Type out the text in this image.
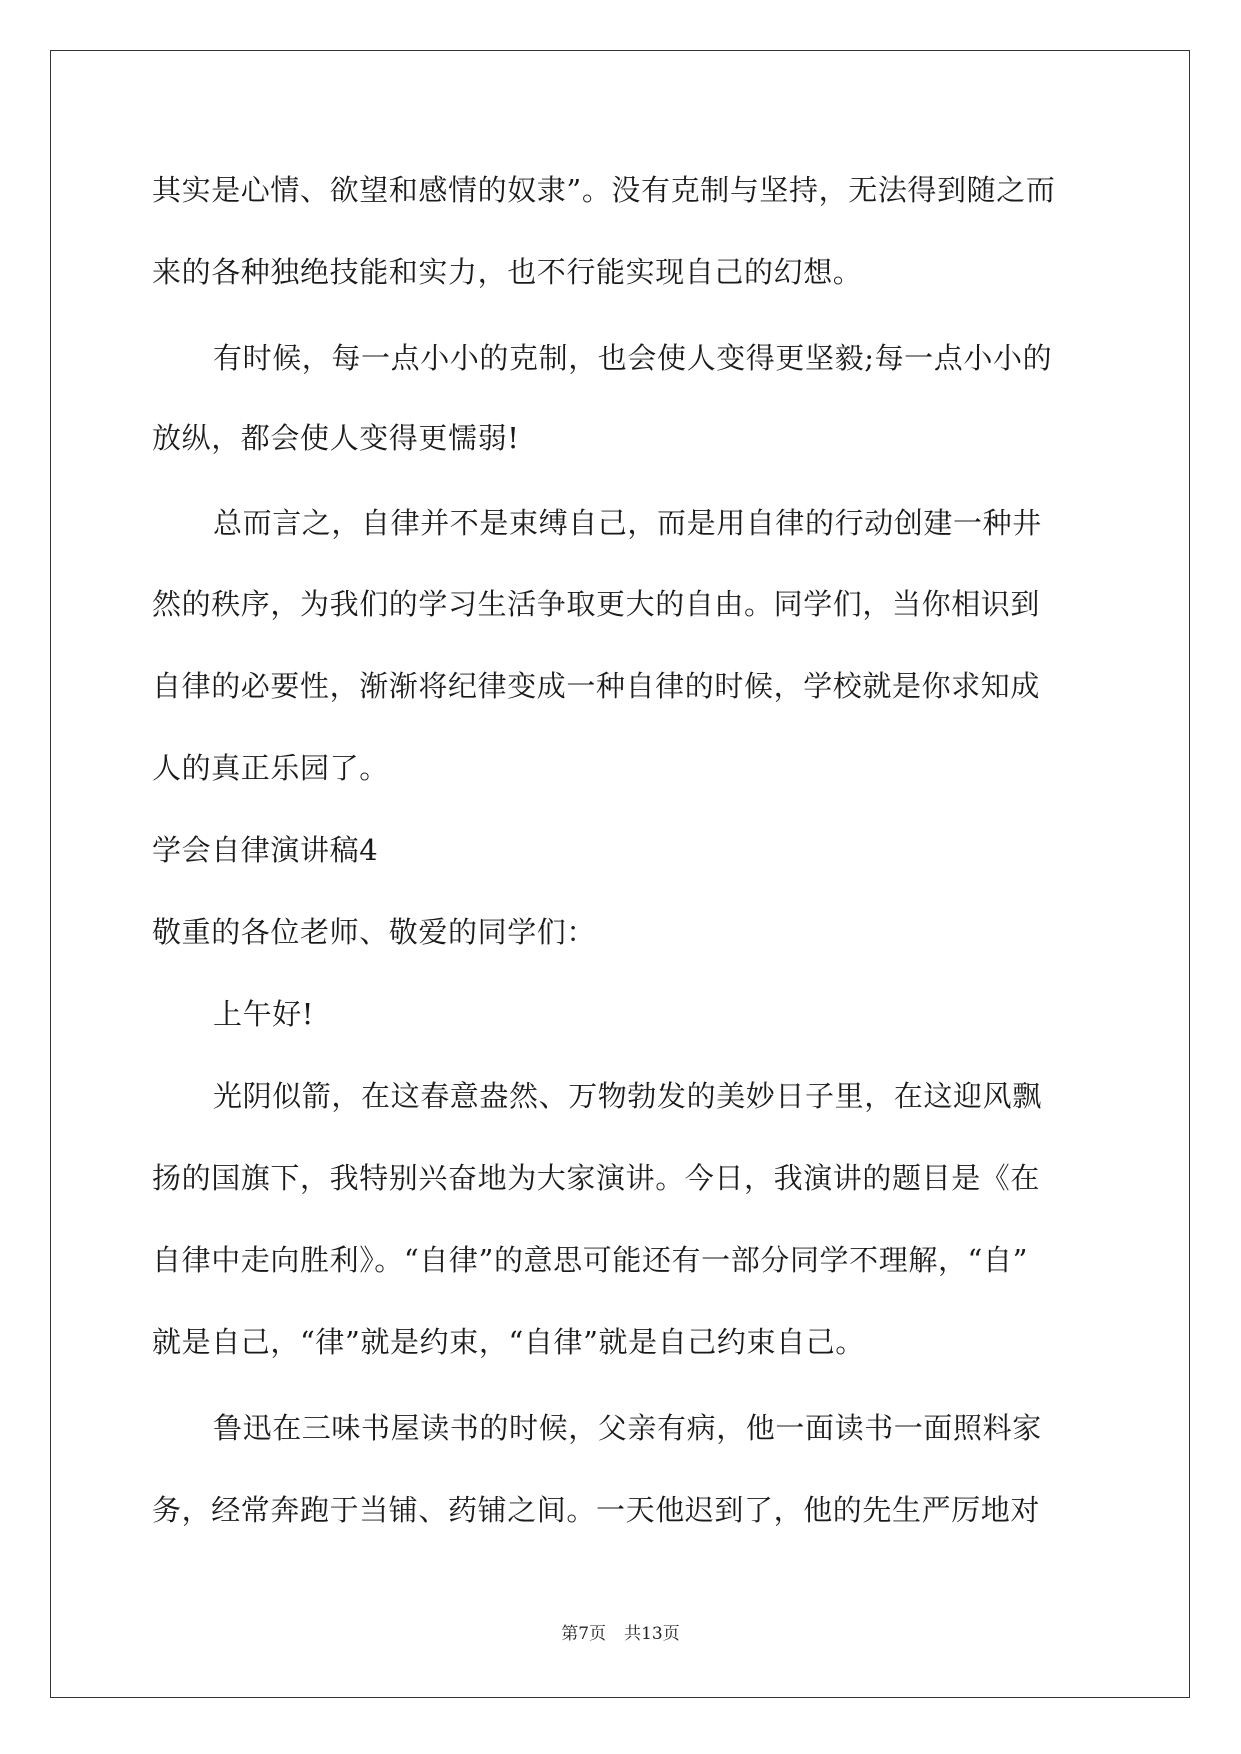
其实是心情、欲望和感情的奴隶”。没有克制与坚持，无法得到随之而
来的各种独绝技能和实力，也不行能实现自己的幻想。
有时候，每一点小小的克制，也会使人变得更坚毅;每一点小小的
放纵，都会使人变得更懦弱!
总而言之，自律并不是束缚自己，而是用自律的行动创建一种井
然的秩序，为我们的学习生活争取更大的自由。同学们，当你相识到
自律的必要性，渐渐将纪律变成一种自律的时候，学校就是你求知成
人的真正乐园了。
学会自律演讲稿4
敬重的各位老师、敬爱的同学们：
上午好!
光阴似箭，在这春意盎然、万物勃发的美妙日子里，在这迎风飘
扬的国旗下，我特别兴奋地为大家演讲。今日，我演讲的题目是《在
自律中走向胜利》。“自律”的意思可能还有一部分同学不理解，“自”
就是自己，“律”就是约束，“自律”就是自己约束自己。
鲁迅在三味书屋读书的时候，父亲有病，他一面读书一面照料家
务，经常奔跑于当铺、药铺之间。一天他迟到了，他的先生严厉地对
第7页 共13页
